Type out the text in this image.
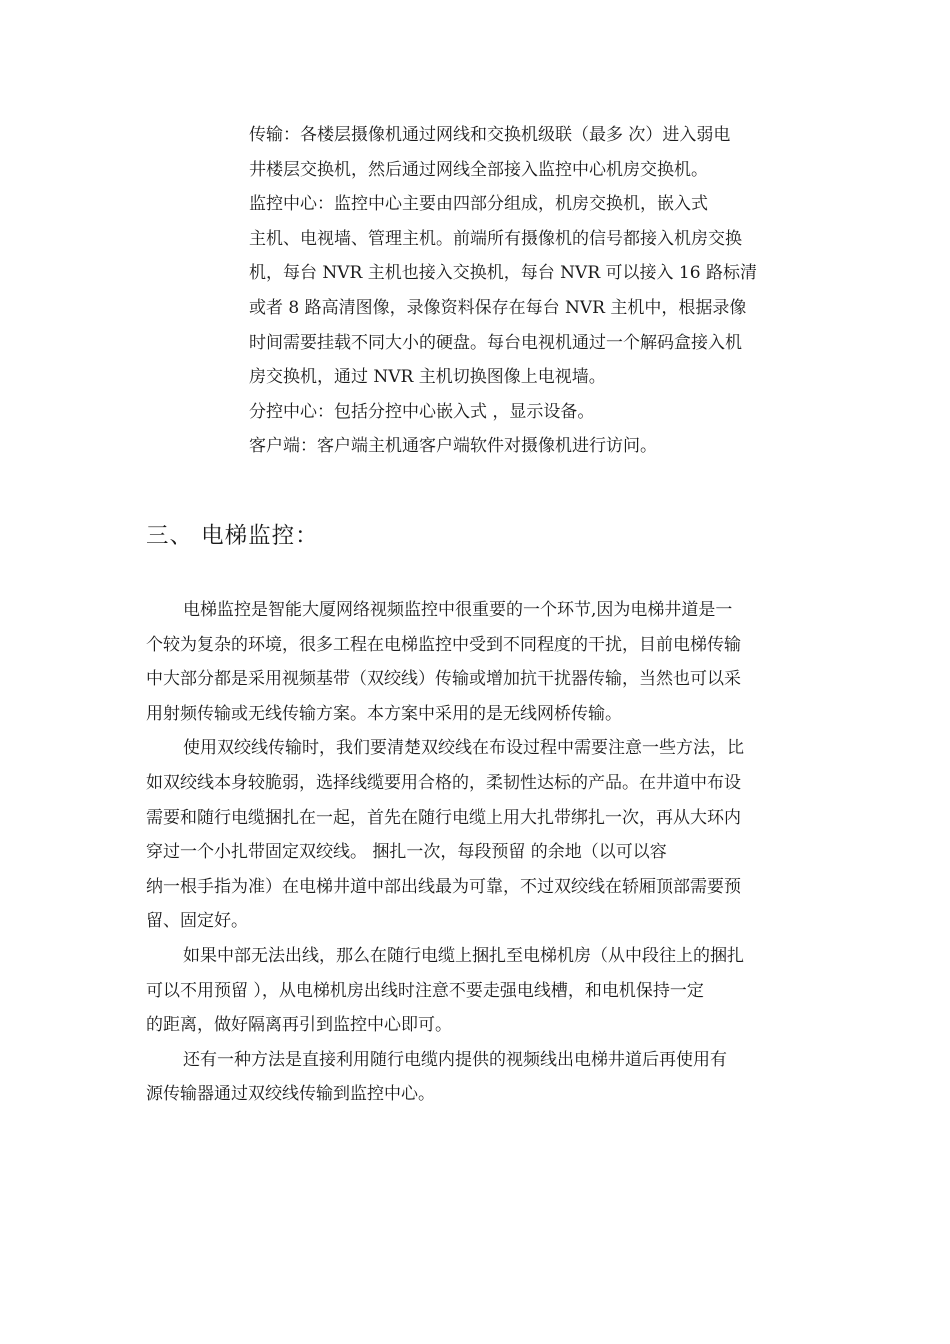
传输：各楼层摄像机通过网线和交换机级联（最多 次）进入弱电

井楼层交换机，然后通过网线全部接入监控中心机房交换机。

监控中心：监控中心主要由四部分组成，机房交换机，嵌入式

主机、电视墙、管理主机。前端所有摄像机的信号都接入机房交换

机，每台 NVR 主机也接入交换机，每台 NVR 可以接入 16 路标清

或者 8 路高清图像，录像资料保存在每台 NVR 主机中，根据录像

时间需要挂载不同大小的硬盘。每台电视机通过一个解码盒接入机

房交换机，通过 NVR 主机切换图像上电视墙。

分控中心：包括分控中心嵌入式 ，显示设备。

客户端：客户端主机通客户端软件对摄像机进行访问。

三、 电梯监控：

电梯监控是智能大厦网络视频监控中很重要的一个环节,因为电梯井道是一
个较为复杂的环境，很多工程在电梯监控中受到不同程度的干扰，目前电梯传输
中大部分都是采用视频基带（双绞线）传输或增加抗干扰器传输，当然也可以采
用射频传输或无线传输方案。本方案中采用的是无线网桥传输。

使用双绞线传输时，我们要清楚双绞线在布设过程中需要注意一些方法，比
如双绞线本身较脆弱，选择线缆要用合格的，柔韧性达标的产品。在井道中布设
需要和随行电缆捆扎在一起，首先在随行电缆上用大扎带绑扎一次，再从大环内
穿过一个小扎带固定双绞线。 捆扎一次，每段预留 的余地（以可以容
纳一根手指为准）在电梯井道中部出线最为可靠，不过双绞线在轿厢顶部需要预
留、固定好。

如果中部无法出线，那么在随行电缆上捆扎至电梯机房（从中段往上的捆扎
可以不用预留 ），从电梯机房出线时注意不要走强电线槽，和电机保持一定
的距离，做好隔离再引到监控中心即可。

还有一种方法是直接利用随行电缆内提供的视频线出电梯井道后再使用有
源传输器通过双绞线传输到监控中心。
